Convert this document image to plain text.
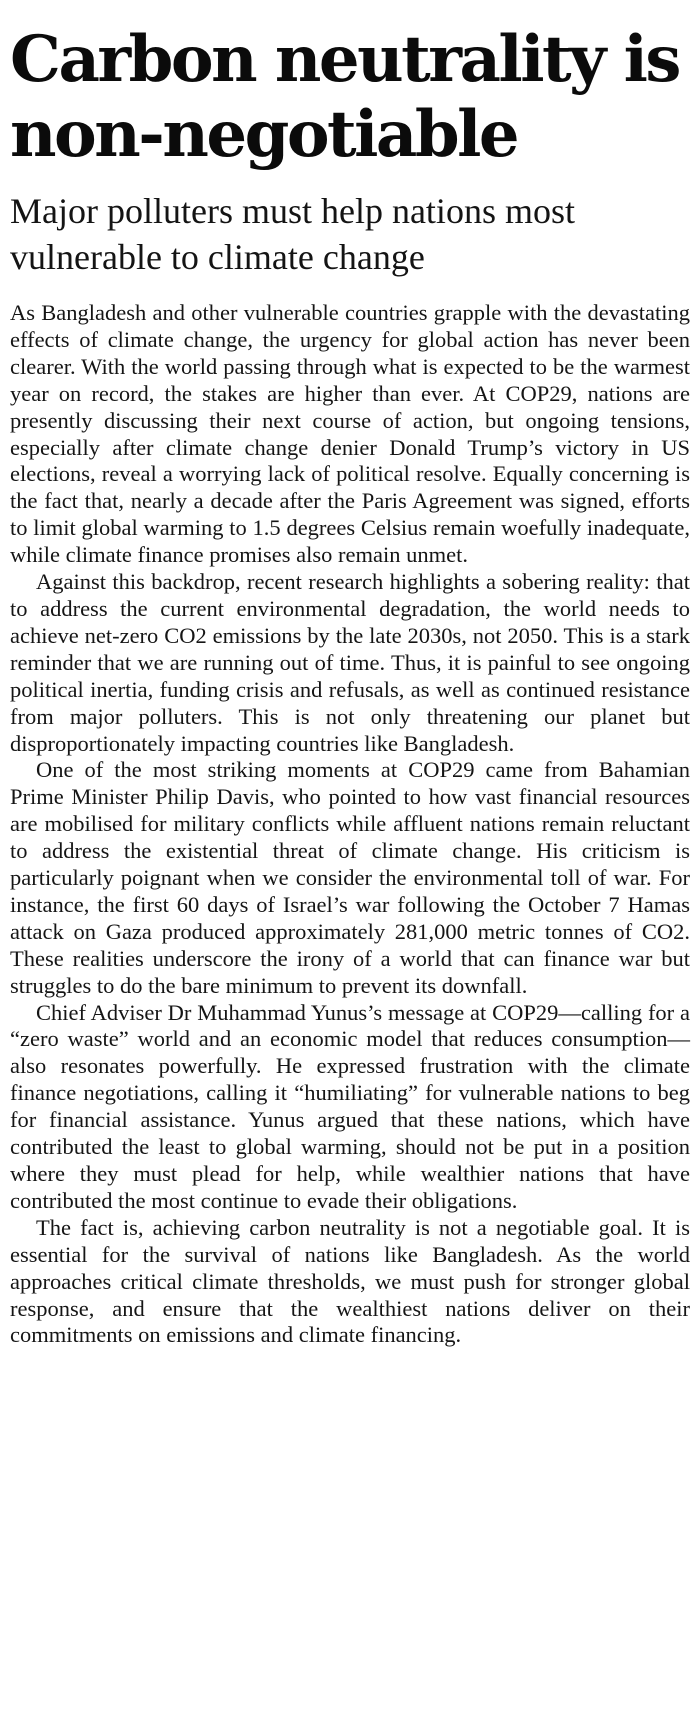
Carbon neutrality is non-negotiable
Major polluters must help nations most vulnerable to climate change

As Bangladesh and other vulnerable countries grapple with the devastating effects of climate change, the urgency for global action has never been clearer. With the world passing through what is expected to be the warmest year on record, the stakes are higher than ever. At COP29, nations are presently discussing their next course of action, but ongoing tensions, especially after climate change denier Donald Trump’s victory in US elections, reveal a worrying lack of political resolve. Equally concerning is the fact that, nearly a decade after the Paris Agreement was signed, efforts to limit global warming to 1.5 degrees Celsius remain woefully inadequate, while climate finance promises also remain unmet.

Against this backdrop, recent research highlights a sobering reality: that to address the current environmental degradation, the world needs to achieve net-zero CO2 emissions by the late 2030s, not 2050. This is a stark reminder that we are running out of time. Thus, it is painful to see ongoing political inertia, funding crisis and refusals, as well as continued resistance from major polluters. This is not only threatening our planet but disproportionately impacting countries like Bangladesh.

One of the most striking moments at COP29 came from Bahamian Prime Minister Philip Davis, who pointed to how vast financial resources are mobilised for military conflicts while affluent nations remain reluctant to address the existential threat of climate change. His criticism is particularly poignant when we consider the environmental toll of war. For instance, the first 60 days of Israel’s war following the October 7 Hamas attack on Gaza produced approximately 281,000 metric tonnes of CO2. These realities underscore the irony of a world that can finance war but struggles to do the bare minimum to prevent its downfall.

Chief Adviser Dr Muhammad Yunus’s message at COP29—calling for a “zero waste” world and an economic model that reduces consumption—also resonates powerfully. He expressed frustration with the climate finance negotiations, calling it “humiliating” for vulnerable nations to beg for financial assistance. Yunus argued that these nations, which have contributed the least to global warming, should not be put in a position where they must plead for help, while wealthier nations that have contributed the most continue to evade their obligations.

The fact is, achieving carbon neutrality is not a negotiable goal. It is essential for the survival of nations like Bangladesh. As the world approaches critical climate thresholds, we must push for stronger global response, and ensure that the wealthiest nations deliver on their commitments on emissions and climate financing.
